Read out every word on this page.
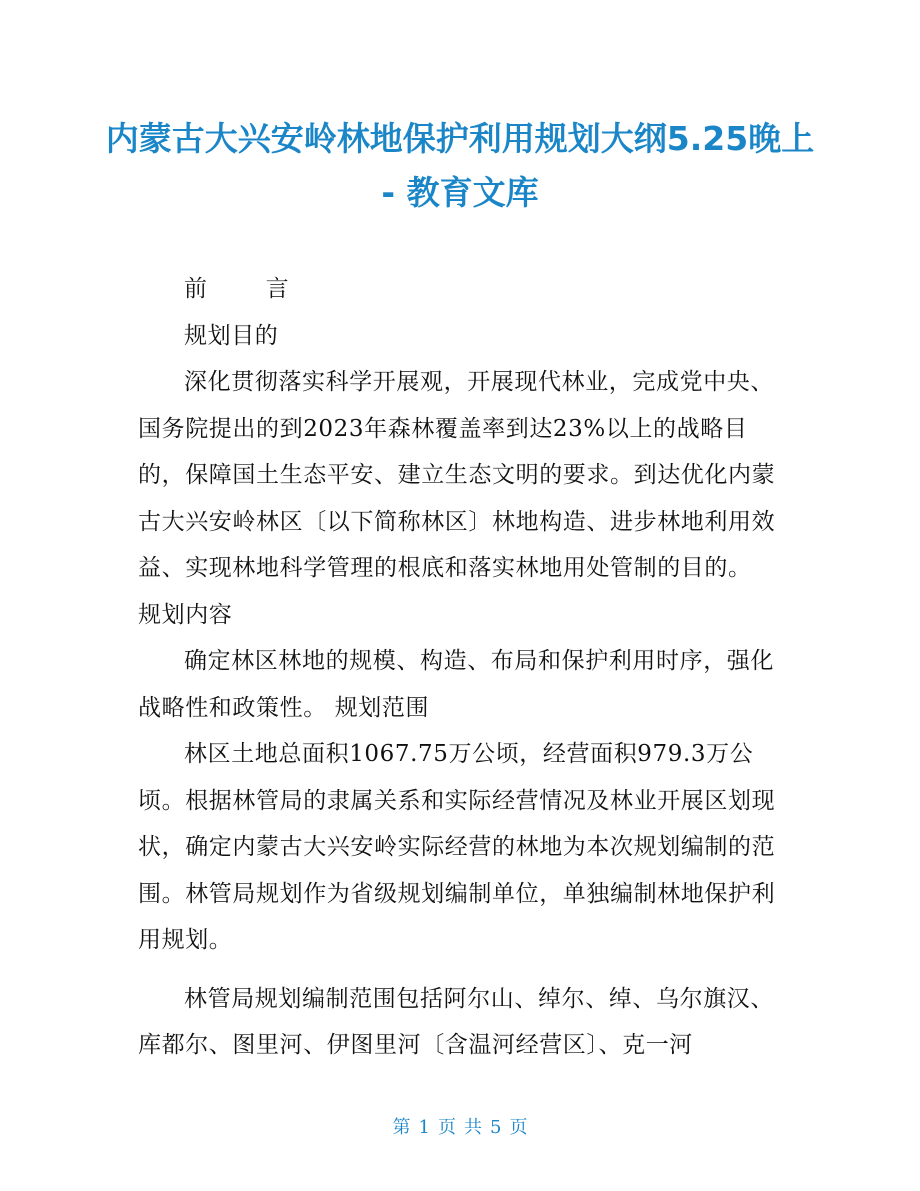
内蒙古大兴安岭林地保护利用规划大纲5.25晚上 - 教育文库

前	言

规划目的

深化贯彻落实科学开展观，开展现代林业，完成党中央、国务院提出的到2023年森林覆盖率到达23%以上的战略目的，保障国土生态平安、建立生态文明的要求。到达优化内蒙古大兴安岭林区〔以下简称林区〕林地构造、进步林地利用效益、实现林地科学管理的根底和落实林地用处管制的目的。

规划内容

确定林区林地的规模、构造、布局和保护利用时序，强化战略性和政策性。 规划范围

林区土地总面积1067.75万公顷，经营面积979.3万公顷。根据林管局的隶属关系和实际经营情况及林业开展区划现状，确定内蒙古大兴安岭实际经营的林地为本次规划编制的范围。林管局规划作为省级规划编制单位，单独编制林地保护利用规划。

林管局规划编制范围包括阿尔山、绰尔、绰、乌尔旗汉、库都尔、图里河、伊图里河〔含温河经营区〕、克一河

第 1 页 共 5 页
